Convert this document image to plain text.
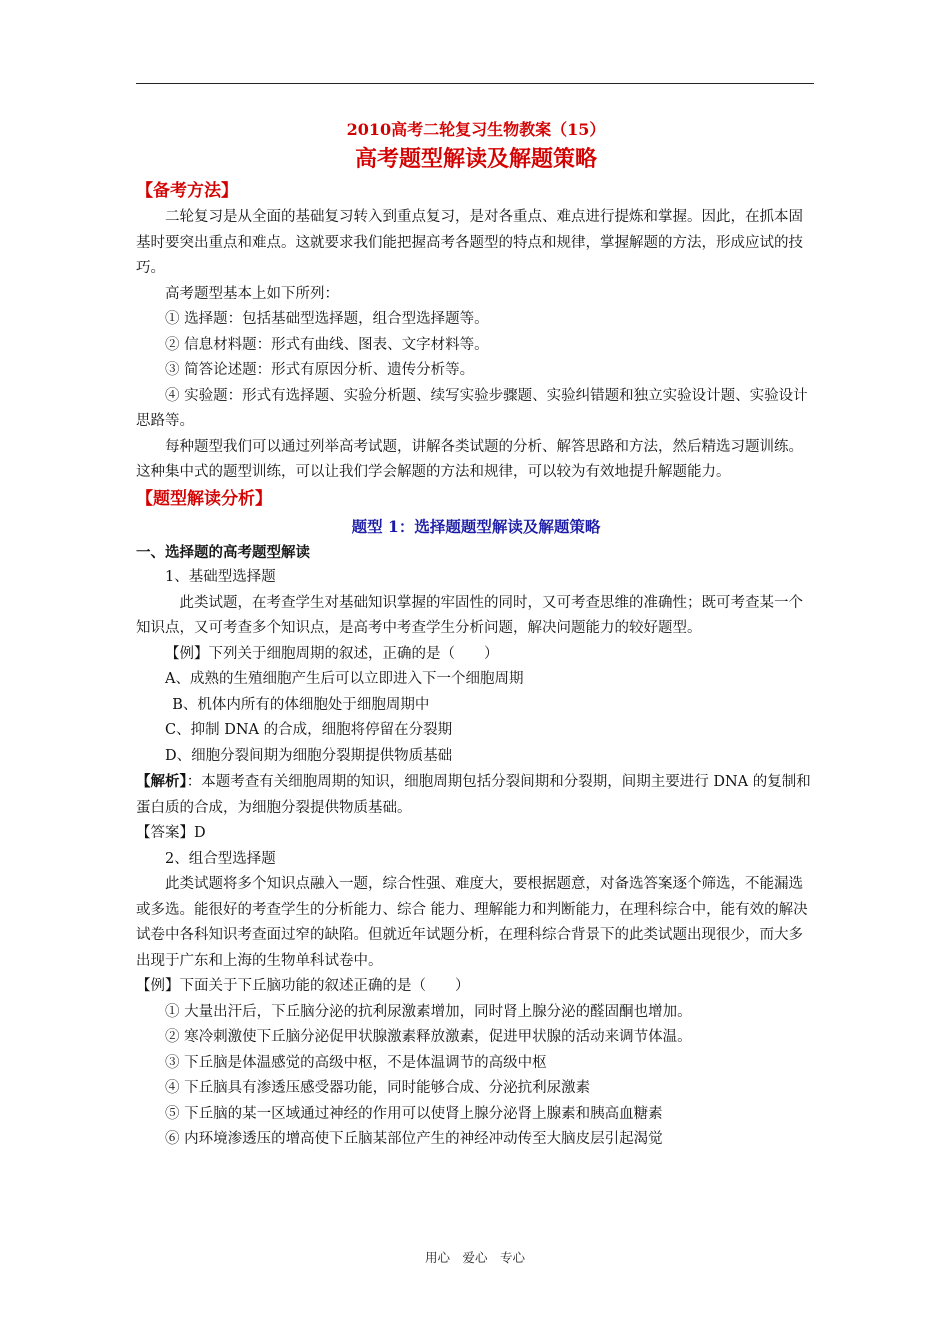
2010高考二轮复习生物教案（15）

高考题型解读及解题策略

【备考方法】

二轮复习是从全面的基础复习转入到重点复习，是对各重点、难点进行提炼和掌握。因此，在抓本固基时要突出重点和难点。这就要求我们能把握高考各题型的特点和规律，掌握解题的方法，形成应试的技巧。

高考题型基本上如下所列：

① 选择题：包括基础型选择题，组合型选择题等。

② 信息材料题：形式有曲线、图表、文字材料等。

③ 简答论述题：形式有原因分析、遗传分析等。

④ 实验题：形式有选择题、实验分析题、续写实验步骤题、实验纠错题和独立实验设计题、实验设计思路等。

每种题型我们可以通过列举高考试题，讲解各类试题的分析、解答思路和方法，然后精选习题训练。这种集中式的题型训练，可以让我们学会解题的方法和规律，可以较为有效地提升解题能力。

【题型解读分析】

题型 1：选择题题型解读及解题策略

一、选择题的高考题型解读

1、基础型选择题

此类试题，在考查学生对基础知识掌握的牢固性的同时，又可考查思维的准确性；既可考查某一个知识点，又可考查多个知识点，是高考中考查学生分析问题，解决问题能力的较好题型。

【例】下列关于细胞周期的叙述，正确的是（　　）

A、成熟的生殖细胞产生后可以立即进入下一个细胞周期

B、机体内所有的体细胞处于细胞周期中

C、抑制 DNA 的合成，细胞将停留在分裂期

D、细胞分裂间期为细胞分裂期提供物质基础

【解析】：本题考查有关细胞周期的知识，细胞周期包括分裂间期和分裂期，间期主要进行 DNA 的复制和蛋白质的合成，为细胞分裂提供物质基础。

【答案】D

2、组合型选择题

此类试题将多个知识点融入一题，综合性强、难度大，要根据题意，对备选答案逐个筛选，不能漏选或多选。能很好的考查学生的分析能力、综合 能力、理解能力和判断能力，在理科综合中，能有效的解决试卷中各科知识考查面过窄的缺陷。但就近年试题分析，在理科综合背景下的此类试题出现很少，而大多出现于广东和上海的生物单科试卷中。

【例】下面关于下丘脑功能的叙述正确的是（　　）

① 大量出汗后，下丘脑分泌的抗利尿激素增加，同时肾上腺分泌的醛固酮也增加。

② 寒冷刺激使下丘脑分泌促甲状腺激素释放激素，促进甲状腺的活动来调节体温。

③ 下丘脑是体温感觉的高级中枢，不是体温调节的高级中枢

④ 下丘脑具有渗透压感受器功能，同时能够合成、分泌抗利尿激素

⑤ 下丘脑的某一区域通过神经的作用可以使肾上腺分泌肾上腺素和胰高血糖素

⑥ 内环境渗透压的增高使下丘脑某部位产生的神经冲动传至大脑皮层引起渴觉

用心　爱心　专心
